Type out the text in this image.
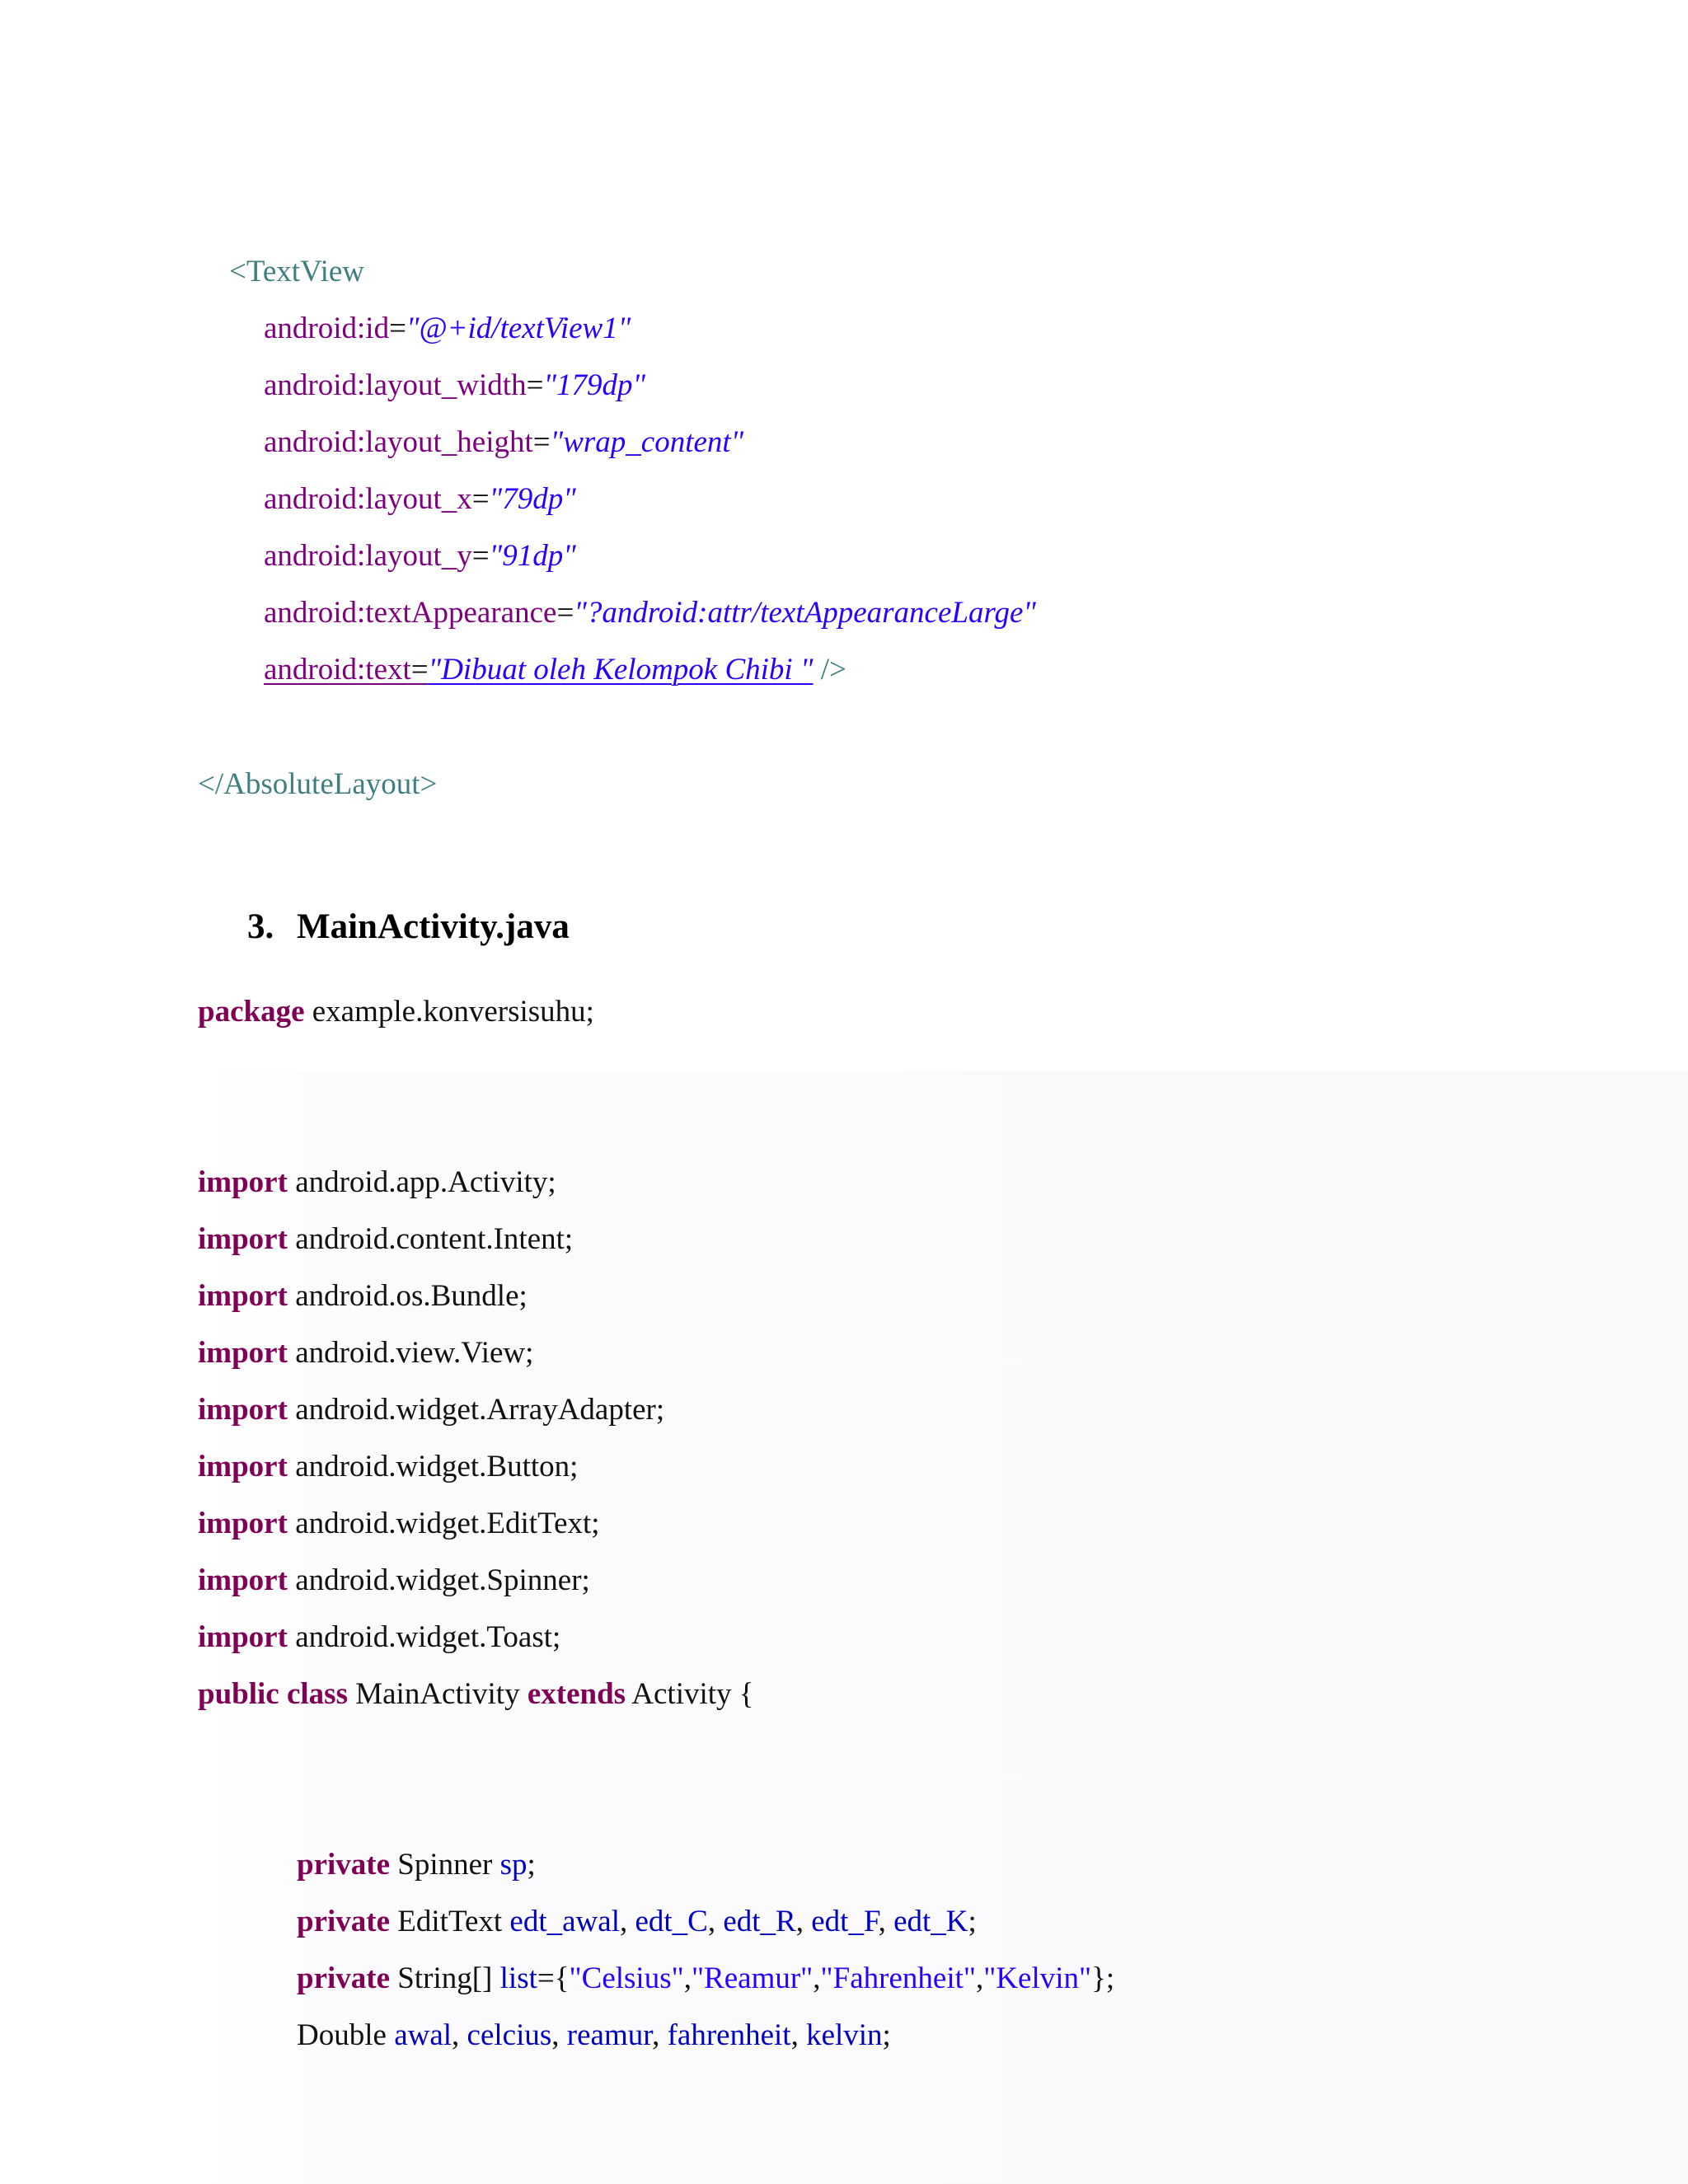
<TextView
android:id="@+id/textView1"
android:layout_width="179dp"
android:layout_height="wrap_content"
android:layout_x="79dp"
android:layout_y="91dp"
android:textAppearance="?android:attr/textAppearanceLarge"
android:text="Dibuat oleh Kelompok Chibi " />
</AbsoluteLayout>
3. MainActivity.java
package example.konversisuhu;
import android.app.Activity;
import android.content.Intent;
import android.os.Bundle;
import android.view.View;
import android.widget.ArrayAdapter;
import android.widget.Button;
import android.widget.EditText;
import android.widget.Spinner;
import android.widget.Toast;
public class MainActivity extends Activity {
private Spinner sp;
private EditText edt_awal, edt_C, edt_R, edt_F, edt_K;
private String[] list={"Celsius","Reamur","Fahrenheit","Kelvin"};
Double awal, celcius, reamur, fahrenheit, kelvin;
